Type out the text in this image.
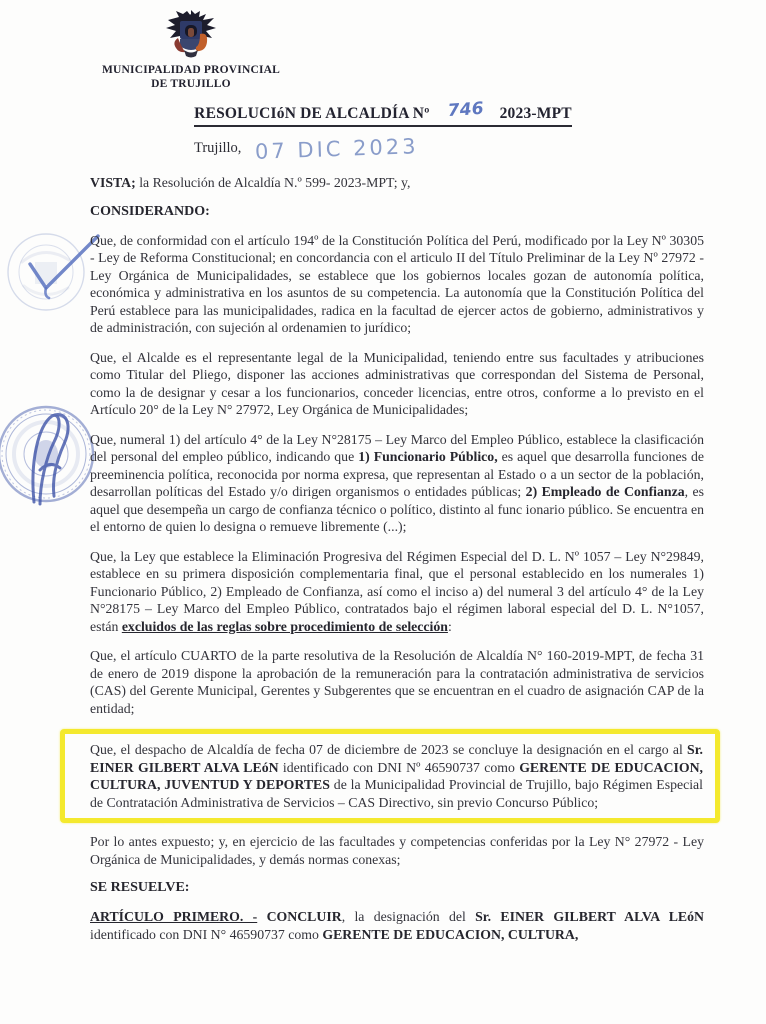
MUNICIPALIDAD PROVINCIAL
DE TRUJILLO
RESOLUCIóN DE ALCALDÍA Nº 746 2023-MPT
Trujillo, 07 DIC 2023

VISTA; la Resolución de Alcaldía N.º 599- 2023-MPT; y,

CONSIDERANDO:

Que, de conformidad con el artículo 194º de la Constitución Política del Perú, modificado por la Ley Nº 30305 - Ley de Reforma Constitucional; en concordancia con el articulo II del Título Preliminar de la Ley Nº 27972 - Ley Orgánica de Municipalidades, se establece que los gobiernos locales gozan de autonomía política, económica y administrativa en los asuntos de su competencia. La autonomía que la Constitución Política del Perú establece para las municipalidades, radica en la facultad de ejercer actos de gobierno, administrativos y de administración, con sujeción al ordenamien to jurídico;

Que, el Alcalde es el representante legal de la Municipalidad, teniendo entre sus facultades y atribuciones como Titular del Pliego, disponer las acciones administrativas que correspondan del Sistema de Personal, como la de designar y cesar a los funcionarios, conceder licencias, entre otros, conforme a lo previsto en el Artículo 20° de la Ley N° 27972, Ley Orgánica de Municipalidades;

Que, numeral 1) del artículo 4° de la Ley N°28175 – Ley Marco del Empleo Público, establece la clasificación del personal del empleo público, indicando que 1) Funcionario Público, es aquel que desarrolla funciones de preeminencia política, reconocida por norma expresa, que representan al Estado o a un sector de la población, desarrollan políticas del Estado y/o dirigen organismos o entidades públicas; 2) Empleado de Confianza, es aquel que desempeña un cargo de confianza técnico o político, distinto al func ionario público. Se encuentra en el entorno de quien lo designa o remueve libremente (...);

Que, la Ley que establece la Eliminación Progresiva del Régimen Especial del D. L. Nº 1057 – Ley N°29849, establece en su primera disposición complementaria final, que el personal establecido en los numerales 1) Funcionario Público, 2) Empleado de Confianza, así como el inciso a) del numeral 3 del artículo 4° de la Ley N°28175 – Ley Marco del Empleo Público, contratados bajo el régimen laboral especial del D. L. N°1057, están excluidos de las reglas sobre procedimiento de selección:

Que, el artículo CUARTO de la parte resolutiva de la Resolución de Alcaldía N° 160-2019-MPT, de fecha 31 de enero de 2019 dispone la aprobación de la remuneración para la contratación administrativa de servicios (CAS) del Gerente Municipal, Gerentes y Subgerentes que se encuentran en el cuadro de asignación CAP de la entidad;

Que, el despacho de Alcaldía de fecha 07 de diciembre de 2023 se concluye la designación en el cargo al Sr. EINER GILBERT ALVA LEóN identificado con DNI Nº 46590737 como GERENTE DE EDUCACION, CULTURA, JUVENTUD Y DEPORTES de la Municipalidad Provincial de Trujillo, bajo Régimen Especial de Contratación Administrativa de Servicios – CAS Directivo, sin previo Concurso Público;

Por lo antes expuesto; y, en ejercicio de las facultades y competencias conferidas por la Ley N° 27972 - Ley Orgánica de Municipalidades, y demás normas conexas;

SE RESUELVE:

ARTÍCULO PRIMERO. - CONCLUIR, la designación del Sr. EINER GILBERT ALVA LEóN identificado con DNI N° 46590737 como GERENTE DE EDUCACION, CULTURA,
